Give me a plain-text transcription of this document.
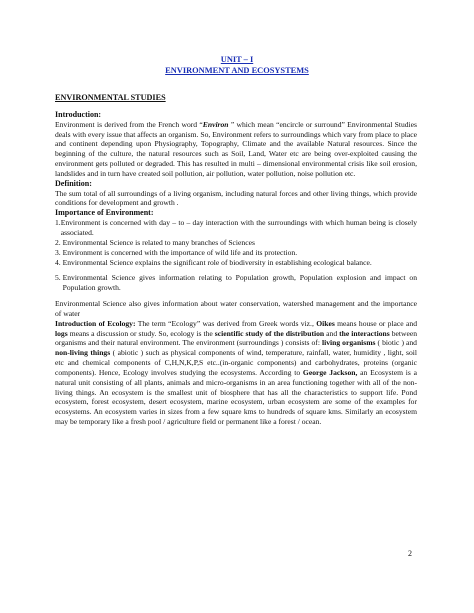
UNIT – I
ENVIRONMENT AND ECOSYSTEMS
ENVIRONMENTAL STUDIES
Introduction:

Environment is derived from the French word “Environ ” which mean “encircle or surround” Environmental Studies deals with every issue that affects an organism. So, Environment refers to surroundings which vary from place to place and continent depending upon Physiography, Topography, Climate and the available Natural resources. Since the beginning of the culture, the natural resources such as Soil, Land, Water etc are being over-exploited causing the environment gets polluted or degraded. This has resulted in multi – dimensional environmental crisis like soil erosion, landslides and in turn have created soil pollution, air pollution, water pollution, noise pollution etc.

Definition:

The sum total of all surroundings of a living organism, including natural forces and other living things, which provide conditions for development and growth .

Importance of Environment:
1. Environment is concerned with day – to – day interaction with the surroundings with which human being is closely associated.
2. Environmental Science is related to many branches of Sciences
3. Environment is concerned with the importance of wild life and its protection.
4. Environmental Science explains the significant role of biodiversity in establishing ecological balance.
5. Environmental Science gives information relating to Population growth, Population explosion and impact on Population growth.

Environmental Science also gives information about water conservation, watershed management and the importance of water

Introduction of Ecology: The term “Ecology” was derived from Greek words viz., Oikes means house or place and logs means a discussion or study. So, ecology is the scientific study of the distribution and the interactions between organisms and their natural environment. The environment (surroundings ) consists of: living organisms ( biotic ) and non-living things ( abiotic ) such as physical components of wind, temperature, rainfall, water, humidity , light, soil etc and chemical components of C,H,N,K,P,S etc..(in-organic components) and carbohydrates, proteins (organic components). Hence, Ecology involves studying the ecosystems. According to George Jackson, an Ecosystem is a natural unit consisting of all plants, animals and micro-organisms in an area functioning together with all of the non-living things. An ecosystem is the smallest unit of biosphere that has all the characteristics to support life. Pond ecosystem, forest ecosystem, desert ecosystem, marine ecosystem, urban ecosystem are some of the examples for ecosystems. An ecosystem varies in sizes from a few square kms to hundreds of square kms. Similarly an ecosystem may be temporary like a fresh pool / agriculture field or permanent like a forest / ocean.

2
